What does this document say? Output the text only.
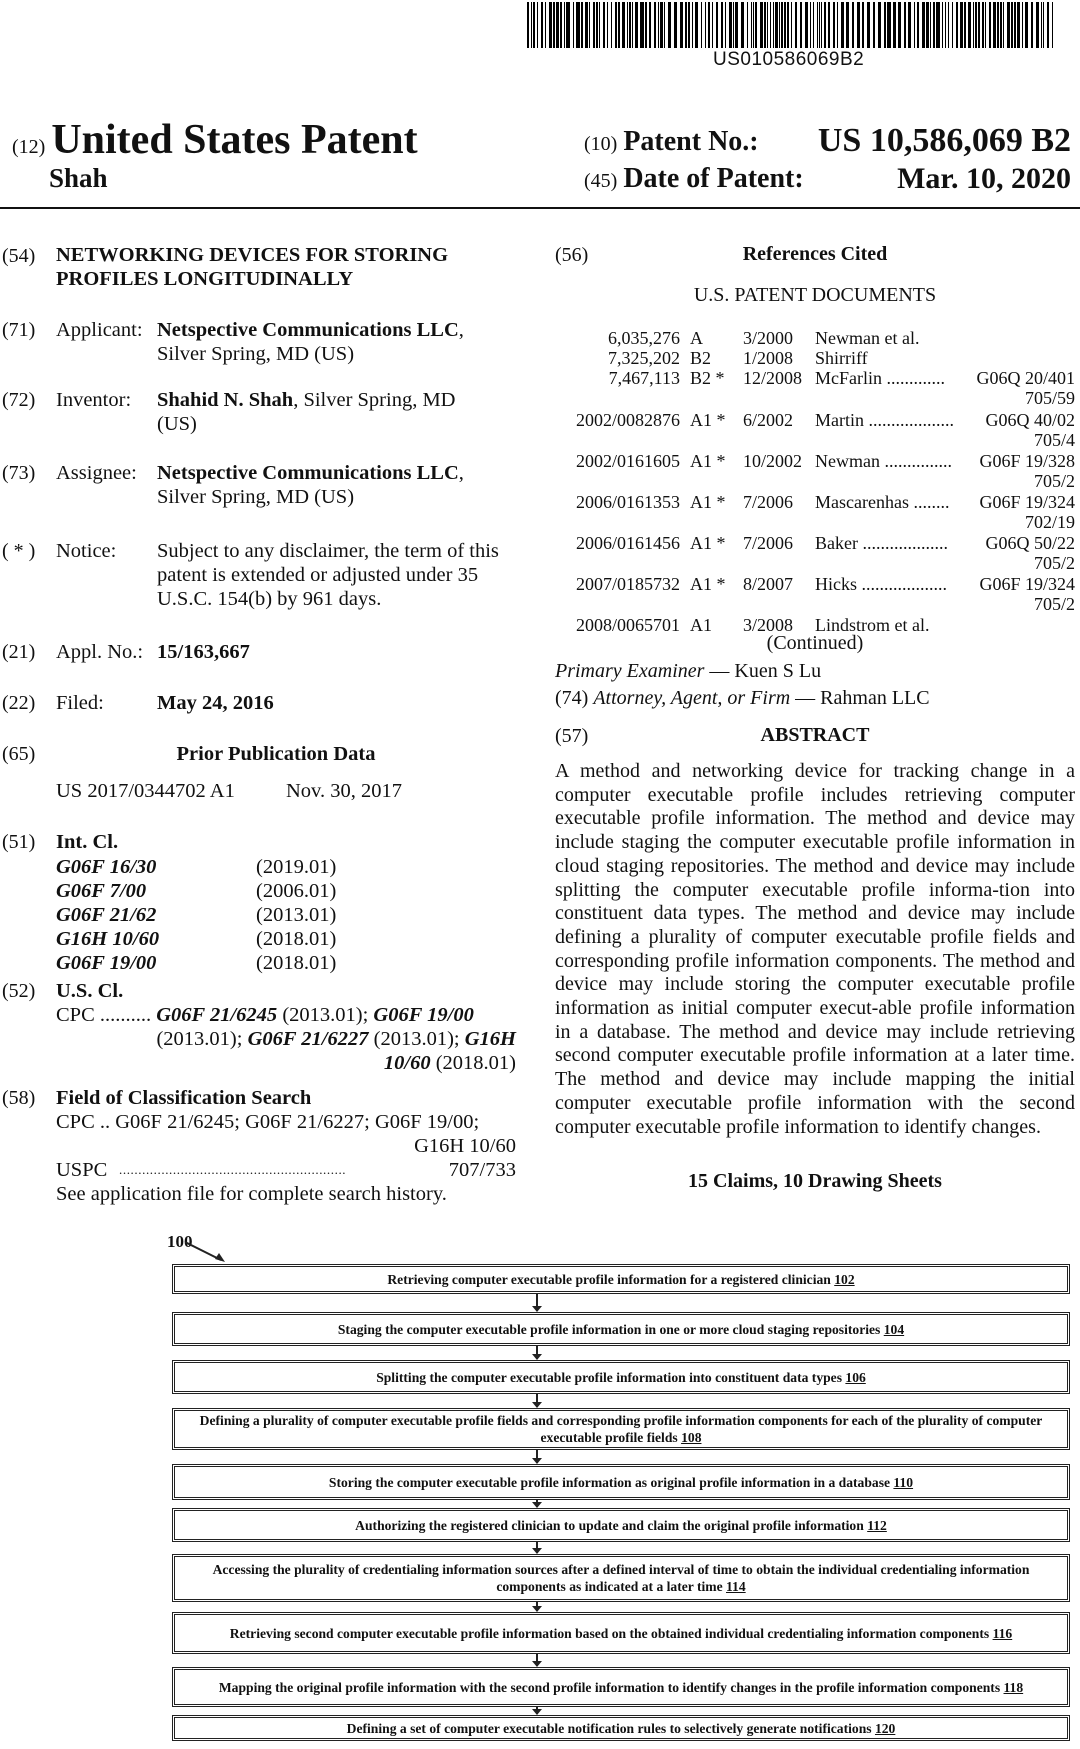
US010586069B2
(12) United States Patent
Shah
(10) Patent No.: US 10,586,069 B2
(45) Date of Patent:	Mar. 10, 2020
(54) NETWORKING DEVICES FOR STORING
PROFILES LONGITUDINALLY
(71) Applicant: Netspective Communications LLC,
Silver Spring, MD (US)
(72) Inventor: Shahid N. Shah, Silver Spring, MD
(US)
(73) Assignee: Netspective Communications LLC,
Silver Spring, MD (US)
( * ) Notice: Subject to any disclaimer, the term of this
patent is extended or adjusted under 35
U.S.C. 154(b) by 961 days.
(21) Appl. No.: 15/163,667
(22) Filed:	May 24, 2016
(65)	Prior Publication Data
US 2017/0344702 A1 Nov. 30, 2017
(51) Int. Cl.
G06F 16/30	(2019.01)
G06F 7/00	(2006.01)
G06F 21/62	(2013.01)
G16H 10/60	(2018.01)
G06F 19/00	(2018.01)
(52) U.S. Cl.
CPC .......... G06F 21/6245 (2013.01); G06F 19/00
(2013.01); G06F 21/6227 (2013.01); G16H
10/60 (2018.01)
(58) Field of Classification Search
CPC .. G06F 21/6245; G06F 21/6227; G06F 19/00;
G16H 10/60
USPC ...........................................................	707/733
See application file for complete search history.
(56)	References Cited
U.S. PATENT DOCUMENTS
6,035,276 A 3/2000 Newman et al.
7,325,202 B2 1/2008 Shirriff
7,467,113 B2 * 12/2008 McFarlin ............. G06Q 20/401
705/59
2002/0082876 A1 * 6/2002 Martin ................... G06Q 40/02
705/4
2002/0161605 A1 * 10/2002 Newman ............... G06F 19/328
705/2
2006/0161353 A1 * 7/2006 Mascarenhas ........ G06F 19/324
702/19
2006/0161456 A1 * 7/2006 Baker ................... G06Q 50/22
705/2
2007/0185732 A1 * 8/2007 Hicks ................... G06F 19/324
705/2
2008/0065701 A1 3/2008 Lindstrom et al.
(Continued)
Primary Examiner — Kuen S Lu
(74) Attorney, Agent, or Firm — Rahman LLC
(57)	ABSTRACT
A method and networking device for tracking change in a computer executable profile includes retrieving computer executable profile information. The method and device may include staging the computer executable profile information in cloud staging repositories. The method and device may include splitting the computer executable profile informa-tion into constituent data types. The method and device may include defining a plurality of computer executable profile fields and corresponding profile information components. The method and device may include storing the computer executable profile information as initial computer execut-able profile information in a database. The method and device may include retrieving second computer executable profile information at a later time. The method and device may include mapping the initial computer executable profile information with the second computer executable profile information to identify changes.
15 Claims, 10 Drawing Sheets
100
Retrieving computer executable profile information for a registered clinician 102
Staging the computer executable profile information in one or more cloud staging repositories 104
Splitting the computer executable profile information into constituent data types 106
Defining a plurality of computer executable profile fields and corresponding profile information components for each of the plurality of computer executable profile fields 108
Storing the computer executable profile information as original profile information in a database 110
Authorizing the registered clinician to update and claim the original profile information 112
Accessing the plurality of credentialing information sources after a defined interval of time to obtain the individual credentialing information components as indicated at a later time 114
Retrieving second computer executable profile information based on the obtained individual credentialing information components 116
Mapping the original profile information with the second profile information to identify changes in the profile information components 118
Defining a set of computer executable notification rules to selectively generate notifications 120
